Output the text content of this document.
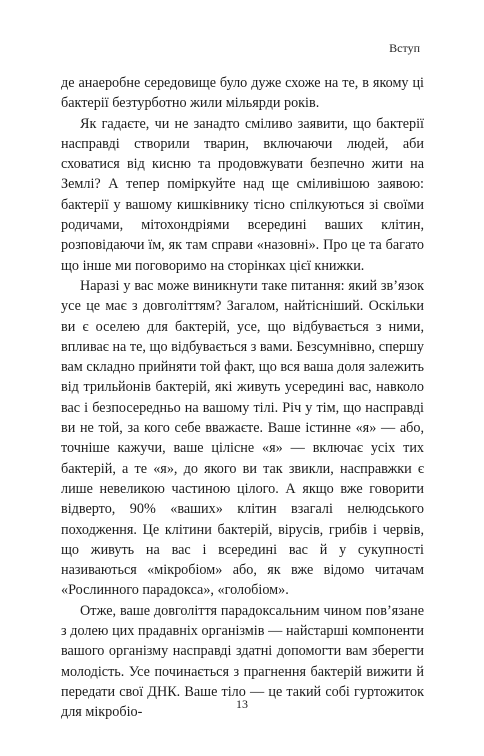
Вступ

де анаеробне середовище було дуже схоже на те, в якому ці бактерії безтурботно жили мільярди років.

Як гадаєте, чи не занадто сміливо заявити, що бактерії насправді створили тварин, включаючи людей, аби сховатися від кисню та продовжувати безпечно жити на Землі? А тепер поміркуйте над ще сміливішою заявою: бактерії у вашому кишківнику тісно спілкуються зі своїми родичами, мітохондріями всередині ваших клітин, розповідаючи їм, як там справи «назовні». Про це та багато що інше ми поговоримо на сторінках цієї книжки.

Наразі у вас може виникнути таке питання: який зв’язок усе це має з довголіттям? Загалом, найтісніший. Оскільки ви є оселею для бактерій, усе, що відбувається з ними, впливає на те, що відбувається з вами. Безсумнівно, спершу вам складно прийняти той факт, що вся ваша доля залежить від трильйонів бактерій, які живуть усередині вас, навколо вас і безпосередньо на вашому тілі. Річ у тім, що насправді ви не той, за кого себе вважаєте. Ваше істинне «я» — або, точніше кажучи, ваше цілісне «я» — включає усіх тих бактерій, а те «я», до якого ви так звикли, насправжки є лише невеликою частиною цілого. А якщо вже говорити відверто, 90% «ваших» клітин взагалі нелюдського походження. Це клітини бактерій, вірусів, грибів і червів, що живуть на вас і всередині вас й у сукупності називаються «мікробіом» або, як вже відомо читачам «Рослинного парадокса», «голобіом».

Отже, ваше довголіття парадоксальним чином пов’язане з долею цих прадавніх організмів — найстарші компоненти вашого організму насправді здатні допомогти вам зберегти молодість. Усе починається з прагнення бактерій вижити й передати свої ДНК. Ваше тіло — це такий собі гуртожиток для мікробіо-

13
